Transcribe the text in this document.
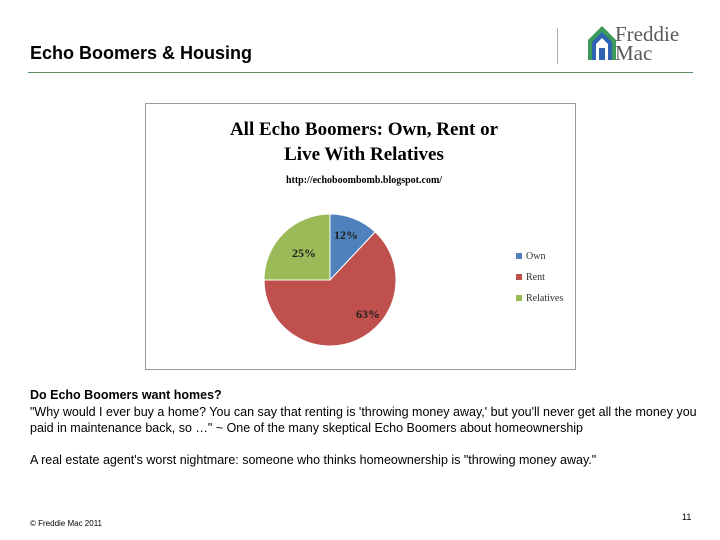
Echo Boomers & Housing
Freddie
Mac
All Echo Boomers: Own, Rent or
Live With Relatives
http://echoboombomb.blogspot.com/
12%
63%
25%	Own
Rent
Relatives
Do Echo Boomers want homes?
"Why would I ever buy a home? You can say that renting is 'throwing money away,' but you'll never get all the money you paid in maintenance back, so …" ~ One of the many skeptical Echo Boomers about homeownership
A real estate agent's worst nightmare: someone who thinks homeownership is "throwing money away."
© Freddie Mac 2011
11
